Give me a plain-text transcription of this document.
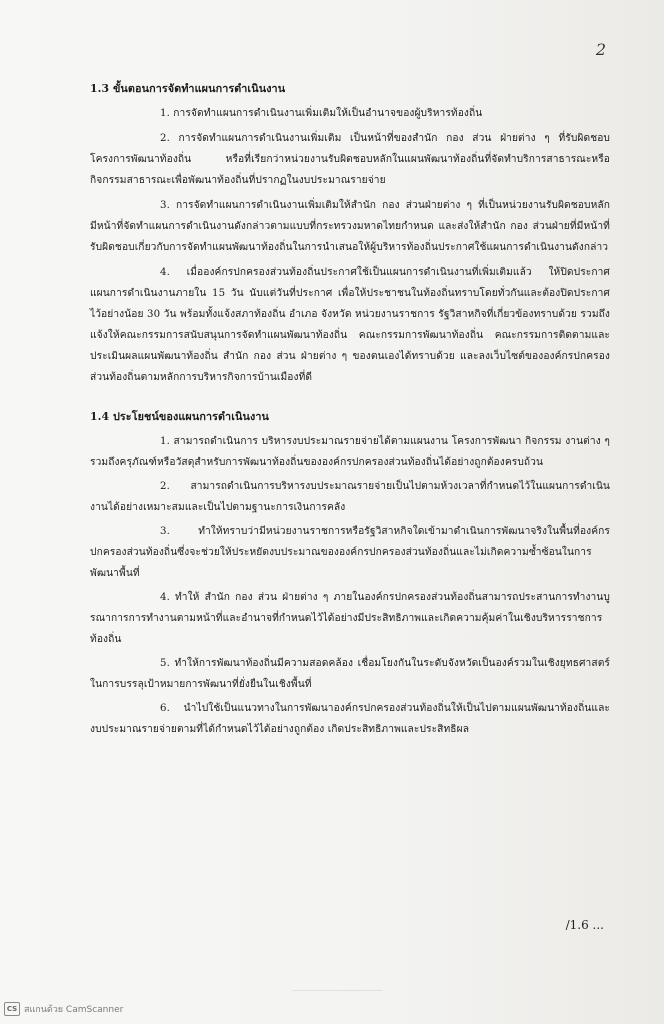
2
1.3 ขั้นตอนการจัดทำแผนการดำเนินงาน

1. การจัดทำแผนการดำเนินงานเพิ่มเติมให้เป็นอำนาจของผู้บริหารท้องถิ่น

2. การจัดทำแผนการดำเนินงานเพิ่มเติม เป็นหน้าที่ของสำนัก กอง ส่วน ฝ่ายต่าง ๆ ที่รับผิดชอบโครงการพัฒนาท้องถิ่น หรือที่เรียกว่าหน่วยงานรับผิดชอบหลักในแผนพัฒนาท้องถิ่นที่จัดทำบริการสาธารณะหรือกิจกรรมสาธารณะเพื่อพัฒนาท้องถิ่นที่ปรากฏในงบประมาณรายจ่าย

3. การจัดทำแผนการดำเนินงานเพิ่มเติมให้สำนัก กอง ส่วนฝ่ายต่าง ๆ ที่เป็นหน่วยงานรับผิดชอบหลักมีหน้าที่จัดทำแผนการดำเนินงานดังกล่าวตามแบบที่กระทรวงมหาดไทยกำหนด และส่งให้สำนัก กอง ส่วนฝ่ายที่มีหน้าที่รับผิดชอบเกี่ยวกับการจัดทำแผนพัฒนาท้องถิ่นในการนำเสนอให้ผู้บริหารท้องถิ่นประกาศใช้แผนการดำเนินงานดังกล่าว

4. เมื่อองค์กรปกครองส่วนท้องถิ่นประกาศใช้เป็นแผนการดำเนินงานที่เพิ่มเติมแล้ว ให้ปิดประกาศแผนการดำเนินงานภายใน 15 วัน นับแต่วันที่ประกาศ เพื่อให้ประชาชนในท้องถิ่นทราบโดยทั่วกันและต้องปิดประกาศไว้อย่างน้อย 30 วัน พร้อมทั้งแจ้งสภาท้องถิ่น อำเภอ จังหวัด หน่วยงานราชการ รัฐวิสาหกิจที่เกี่ยวข้องทราบด้วย รวมถึงแจ้งให้คณะกรรมการสนับสนุนการจัดทำแผนพัฒนาท้องถิ่น คณะกรรมการพัฒนาท้องถิ่น คณะกรรมการติดตามและประเมินผลแผนพัฒนาท้องถิ่น สำนัก กอง ส่วน ฝ่ายต่าง ๆ ของตนเองได้ทราบด้วย และลงเว็บไซต์ขององค์กรปกครองส่วนท้องถิ่นตามหลักการบริหารกิจการบ้านเมืองที่ดี

1.4 ประโยชน์ของแผนการดำเนินงาน

1. สามารถดำเนินการ บริหารงบประมาณรายจ่ายได้ตามแผนงาน โครงการพัฒนา กิจกรรม งานต่าง ๆ รวมถึงครุภัณฑ์หรือวัสดุสำหรับการพัฒนาท้องถิ่นขององค์กรปกครองส่วนท้องถิ่นได้อย่างถูกต้องครบถ้วน

2. สามารถดำเนินการบริหารงบประมาณรายจ่ายเป็นไปตามห้วงเวลาที่กำหนดไว้ในแผนการดำเนินงานได้อย่างเหมาะสมและเป็นไปตามฐานะการเงินการคลัง

3. ทำให้ทราบว่ามีหน่วยงานราชการหรือรัฐวิสาหกิจใดเข้ามาดำเนินการพัฒนาจริงในพื้นที่องค์กรปกครองส่วนท้องถิ่นซึ่งจะช่วยให้ประหยัดงบประมาณขององค์กรปกครองส่วนท้องถิ่นและไม่เกิดความซ้ำซ้อนในการพัฒนาพื้นที่

4. ทำให้ สำนัก กอง ส่วน ฝ่ายต่าง ๆ ภายในองค์กรปกครองส่วนท้องถิ่นสามารถประสานการทำงานบูรณาการการทำงานตามหน้าที่และอำนาจที่กำหนดไว้ได้อย่างมีประสิทธิภาพและเกิดความคุ้มค่าในเชิงบริหารราชการท้องถิ่น

5. ทำให้การพัฒนาท้องถิ่นมีความสอดคล้อง เชื่อมโยงกันในระดับจังหวัดเป็นองค์รวมในเชิงยุทธศาสตร์ในการบรรลุเป้าหมายการพัฒนาที่ยั่งยืนในเชิงพื้นที่

6. นำไปใช้เป็นแนวทางในการพัฒนาองค์กรปกครองส่วนท้องถิ่นให้เป็นไปตามแผนพัฒนาท้องถิ่นและงบประมาณรายจ่ายตามที่ได้กำหนดไว้ได้อย่างถูกต้อง เกิดประสิทธิภาพและประสิทธิผล

/1.6 ...
CS สแกนด้วย CamScanner
